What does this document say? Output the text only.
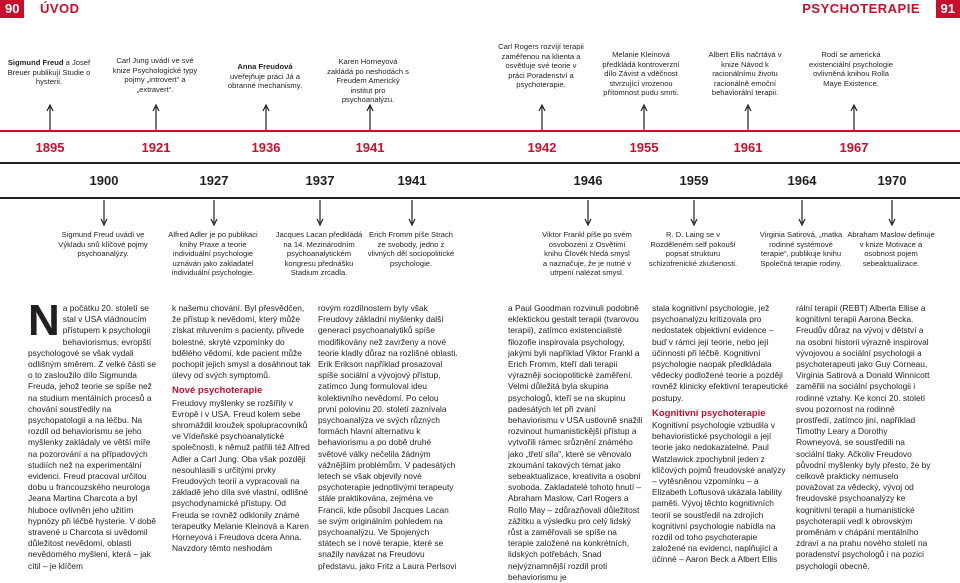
90	ÚVOD	PSYCHOTERAPIE	91
Sigmund Freud a Josef Breuer publikují Studie o hysterii.
Carl Jung uvádí ve své knize Psychologické typy pojmy „introvert“ a „extravert“.
Anna Freudová uveřejňuje práci Já a obranné mechanismy.
Karen Horneyová zakládá po neshodách s Freudem Americký institut pro psychoanalýzu.
Carl Rogers rozvíjí terapii zaměřenou na klienta a osvětluje své teorie v práci Poradenství a psychoterapie.
Melanie Kleinová předkládá kontroverzní dílo Závist a vděčnost stvrzující vrozenou přítomnost pudu smrti.
Albert Ellis načrtává v knize Návod k racionálnímu životu racionálně emoční behaviorální terapii.
Rodí se americká existenciální psychologie ovlivněná knihou Rolla Maye Existence.
1895	1921	1936	1941	1942	1955	1961	1967
1900	1927	1937	1941	1946	1959	1964	1970
Sigmund Freud uvádí ve Výkladu snů klíčové pojmy psychoanalýzy.
Alfred Adler je po publikaci knihy Praxe a teorie individuální psychologie uznáván jako zakladatel individuální psychologie.
Jacques Lacan předkládá na 14. Mezinárodním psychoanalytickém kongresu přednášku Stadium zrcadla.
Erich Fromm píše Strach ze svobody, jedno z vlivných děl sociopolitické psychologie.
Viktor Frankl píše po svém osvobození z Osvětimi knihu Člověk hledá smysl a naznačuje, že je nutné v utrpení nalézat smysl.
R. D. Laing se v Rozděleném self pokouší popsat strukturu schizofrenické zkušenosti.
Virginia Satirová, „matka rodinné systémové terapie“, publikuje knihu Společná terapie rodiny.
Abraham Maslow definuje v knize Motivace a osobnost pojem sebeaktualizace.
N a počátku 20. století se stal v USA vládnoucím přístupem k psychologii behaviorismus, evropští psychologové se však vydali odlišným směrem. Z velké části se o to zasloužilo dílo Sigmunda Freuda, jehož teorie se spíše než na studium mentálních procesů a chování soustředily na psychopatologii a na léčbu. Na rozdíl od behaviorismu se jeho myšlenky zakládaly ve větší míře na pozorování a na případových studiích než na experimentální evidenci. Freud pracoval určitou dobu u francouzského neurologa Jeana Martina Charcota a byl hluboce ovlivněn jeho užitím hypnózy při léčbě hysterie. V době stravené u Charcota si uvědomil důležitost nevědomí, oblasti nevědomého myšlení, která – jak cítil – je klíčem

k našemu chování. Byl přesvědčen, že přístup k nevědomí, který může získat mluvením s pacienty, přivede bolestné, skryté vzpomínky do bdělého vědomí, kde pacient může pochopit jejich smysl a dosáhnout tak úlevy od svých symptomů.

Nové psychoterapie

Freudovy myšlenky se rozšířily v Evropě i v USA. Freud kolem sebe shromáždil kroužek spolupracovníků ve Vídeňské psychoanalytické společnosti, k němuž patřili též Alfred Adler a Carl Jung. Oba však později nesouhlasili s určitými prvky Freudových teorií a vypracovali na základě jeho díla své vlastní, odlišné psychodynamické přístupy. Od Freuda se rovněž odklonily známé terapeutky Melanie Kleinová a Karen Horneyová i Freudova dcera Anna. Navzdory těmto neshodám

rovým rozdílnostem byly však Freudovy základní myšlenky další generací psychoanalytiků spíše modifikovány než zavrženy a nové teorie kladly důraz na rozlišné oblasti. Erik Erikson například prosazoval spíše sociální a vývojový přístup, zatímco Jung formuloval ideu kolektivního nevědomí. Po celou první polovinu 20. století zaznívala psychoanalýza ve svých různých formách hlavní alternativu k behaviorismu a po době druhé světové války nečelila žádným vážnějším problémům. V padesátých letech se však objevily nové psychoterapie jednotlivými terapeuty stále praktikována, zejména ve Francii, kde působil Jacques Lacan se svým originálním pohledem na psychoanalýzu. Ve Spojených státech se i nové terapie, které se snažily navázat na Freudovu představu, jako Fritz a Laura Perlsovi

a Paul Goodman rozvinuli podobně eklektickou gestalt terapii (tvarovou terapii), zatímco existencialisté filozofie inspirovala psychology, jakými byli například Viktor Frankl a Erich Fromm, kteří dali terapii výrazněji sociopolitické zaměření. Velmi důležitá byla skupina psychologů, kteří se na skupinu padesátých let při zvaní behaviorismu v USA ustlovně snažili rozvinout humanistickější přístup a vytvořili rámec srůznění známého jako „třetí síla“, které se věnovalo zkoumání takových témat jako sebeaktualizace, kreativita a osobní svoboda. Zakladatelé tohoto hnutí – Abraham Maslow, Carl Rogers a Rollo May – zdůrazňovali důležitost zážitku a výsledku pro celý lidský růst a zaměřovali se spíše na terapie založené na konkrétních, lidských potřebách. Snad nejvýznamnější rozdíl proti behaviorismu je

stala kognitivní psychologie, jež psychoanalýzu kritizovala pro nedostatek objektivní evidence – buď v rámci její teorie, nebo její účinnosti při léčbě. Kognitivní psychologie naopak předkládala vědecky podložené teorie a později rovněž klinicky efektivní terapeutické postupy.

Kognitivní psychoterapie

Kognitivní psychologie vzbudila v behavioristické psychologii a její teorie jako nedokazatelné. Paul Watzlawick zpochybnil jeden z klíčových pojmů freudovské analýzy – vytěsněnou vzpomínku – a Elizabeth Loftusová ukázala lability paměti. Vývoj těchto kognitivních teorií se soustředil na zdrojích kognitivní psychologie nabídla na rozdíl od toho psychoterapie založené na evidenci, naplňující a účinné – Aaron Beck a Albert Ellis

rální terapii (REBT) Alberta Ellise a kognitivní terapii Aarona Becka. Freudův důraz na vývoj v dětství a na osobní historii výrazně inspiroval vývojovou a sociální psychologii a psychoterapeuti jako Guy Corneau, Virginia Satirová a Donald Winnicott zaměřili na sociální psychologii i rodinné vztahy. Ke konci 20. století svou pozornost na rodinné prostředí, zatímco jiní, například Timothy Leary a Dorothy Rowneyová, se soustředili na sociální tlaky. Ačkoliv Freudovo původní myšlenky byly přesto, že by celkově prakticky nemuselo považovat za vědecký, vývoj od freudovské psychoanalýzy ke kognitivní terapii a humanistické psychoterapii vedl k obrovským proměnám v chápání mentálního zdraví a na prahu nového století na poradenství psychologů i na pozici psychologii obecně.
